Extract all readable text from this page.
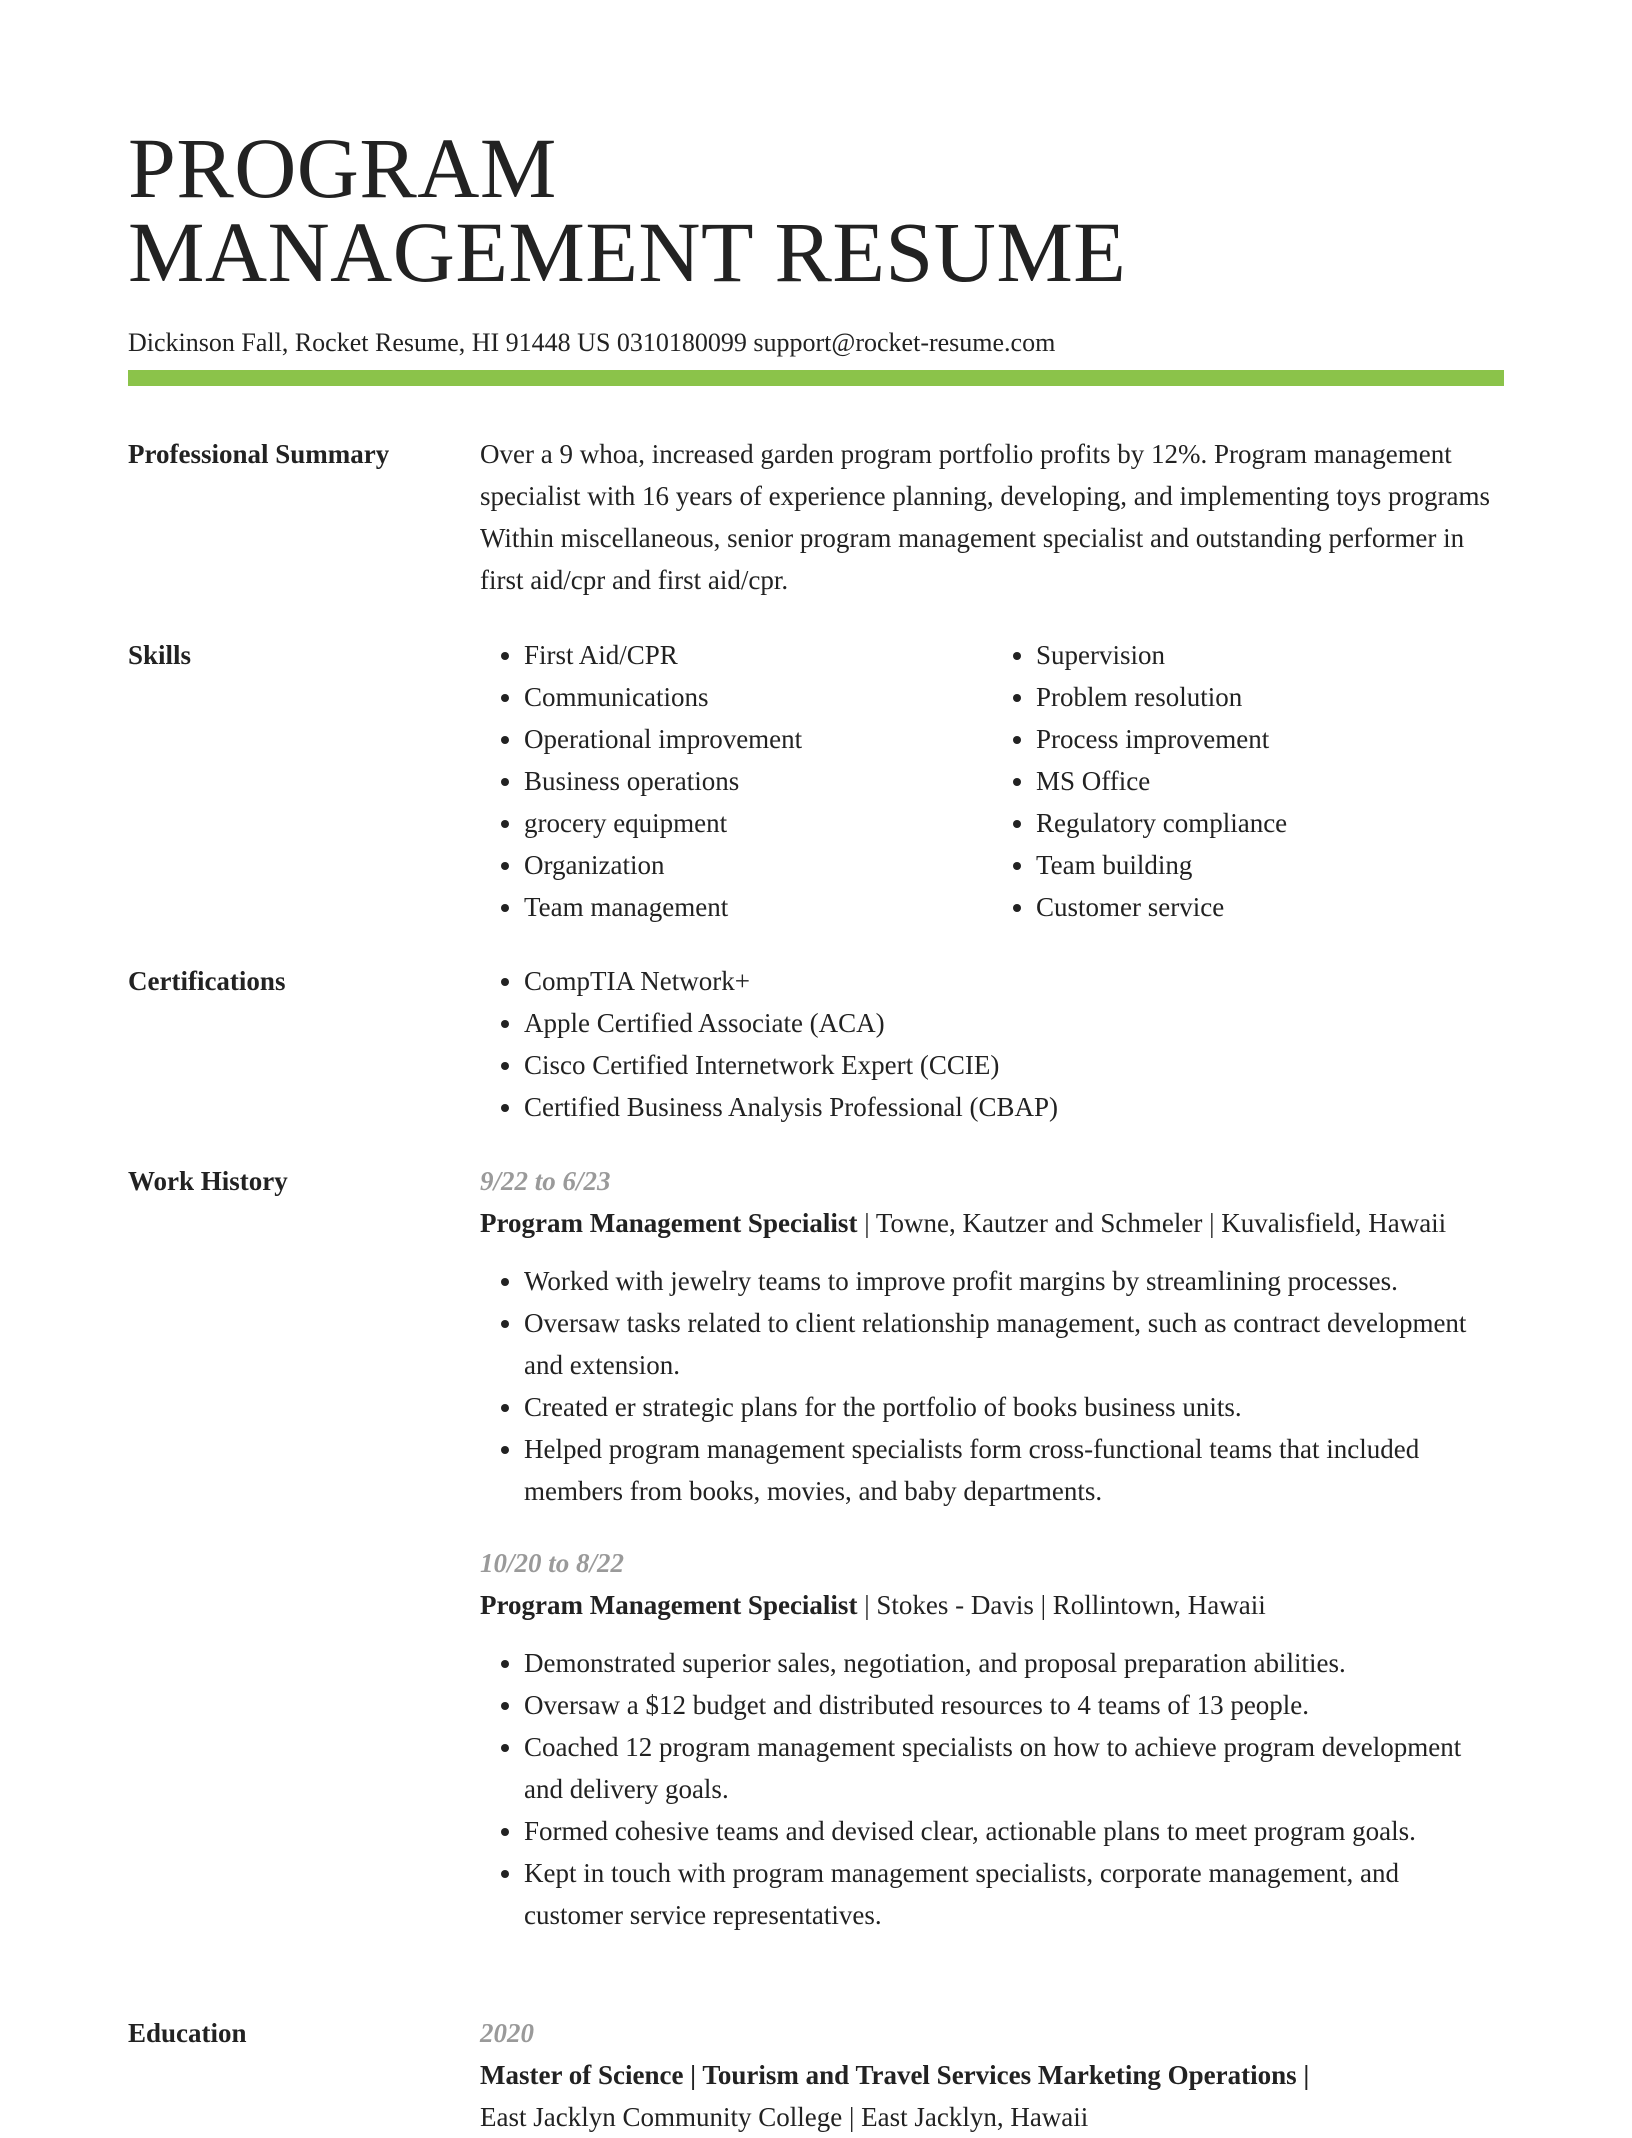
PROGRAM
MANAGEMENT RESUME
Dickinson Fall, Rocket Resume, HI 91448 US 0310180099 support@rocket-resume.com
Professional Summary	Over a 9 whoa, increased garden program portfolio profits by 12%. Program management specialist with 16 years of experience planning, developing, and implementing toys programs Within miscellaneous, senior program management specialist and outstanding performer in first aid/cpr and first aid/cpr.

Skills	• First Aid/CPR
• Communications
• Operational improvement
• Business operations
• grocery equipment
• Organization
• Team management
• Supervision
• Problem resolution
• Process improvement
• MS Office
• Regulatory compliance
• Team building
• Customer service
Certifications	• CompTIA Network+
• Apple Certified Associate (ACA)
• Cisco Certified Internetwork Expert (CCIE)
• Certified Business Analysis Professional (CBAP)
Work History	9/22 to 6/23

Program Management Specialist | Towne, Kautzer and Schmeler | Kuvalisfield, Hawaii

• Worked with jewelry teams to improve profit margins by streamlining processes.
• Oversaw tasks related to client relationship management, such as contract development and extension.
• Created er strategic plans for the portfolio of books business units.
• Helped program management specialists form cross-functional teams that included members from books, movies, and baby departments.
10/20 to 8/22

Program Management Specialist | Stokes - Davis | Rollintown, Hawaii

• Demonstrated superior sales, negotiation, and proposal preparation abilities.
• Oversaw a $12 budget and distributed resources to 4 teams of 13 people.
• Coached 12 program management specialists on how to achieve program development and delivery goals.
• Formed cohesive teams and devised clear, actionable plans to meet program goals.
• Kept in touch with program management specialists, corporate management, and customer service representatives.
Education	2020
Master of Science | Tourism and Travel Services Marketing Operations |
East Jacklyn Community College | East Jacklyn, Hawaii
